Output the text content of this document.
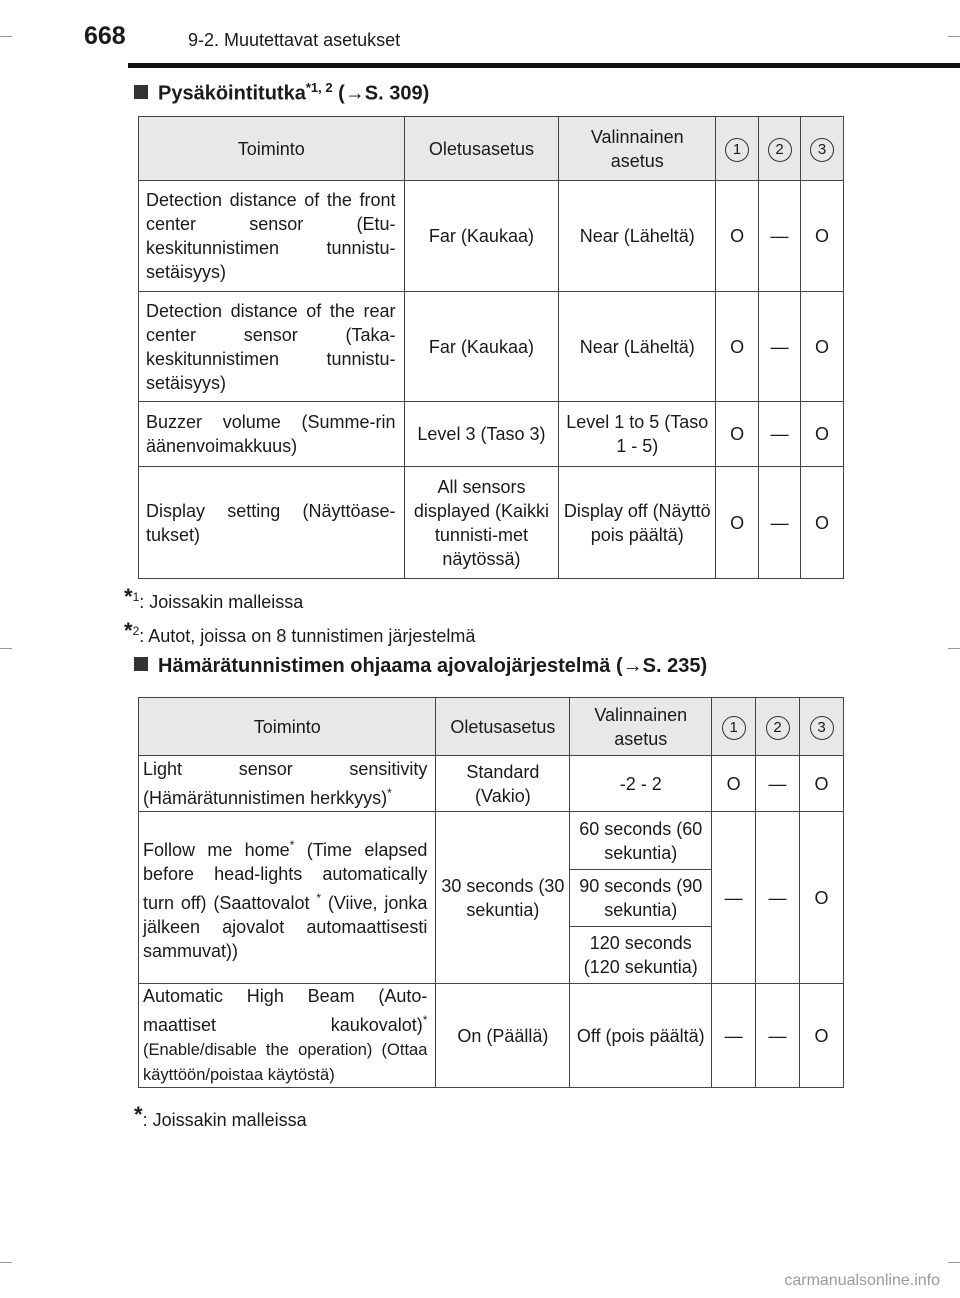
668	9-2. Muutettavat asetukset
Pysäköintitutka$^{*1, 2}$ (→S. 309)
Toiminto	Oletusasetus	Valinnainen asetus	1	2	3
Detection distance of the front center sensor (Etu-keskitunnistimen tunnistu-setäisyys)	Far (Kaukaa)	Near (Läheltä)	O	—	O
Detection distance of the rear center sensor (Taka-keskitunnistimen tunnistu-setäisyys)	Far (Kaukaa)	Near (Läheltä)	O	—	O
Buzzer volume (Summe-rin äänenvoimakkuus)	Level 3 (Taso 3)	Level 1 to 5 (Taso 1 - 5)	O	—	O
Display setting (Näyttöase-tukset)	All sensors displayed (Kaikki tunnisti-met näytössä)	Display off (Näyttö pois päältä)	O	—	O
*$^1$: Joissakin malleissa
*$^2$: Autot, joissa on 8 tunnistimen järjestelmä
Hämärätunnistimen ohjaama ajovalojärjestelmä (→S. 235)
Toiminto	Oletusasetus	Valinnainen asetus	1	2	3
Light sensor sensitivity (Hämärätunnistimen herkkyys)*	Standard (Vakio)	-2 - 2	O	—	O
Follow me home* (Time elapsed before head-lights automatically turn off) (Saattovalot * (Viive, jonka jälkeen ajovalot automaattisesti sammuvat))	30 seconds (30 sekuntia)	60 seconds (60 sekuntia)	—	—	O
		90 seconds (90 sekuntia)			
		120 seconds (120 sekuntia)			
Automatic High Beam (Auto-maattiset kaukovalot)* (Enable/disable the operation) (Ottaa käyttöön/poistaa käytöstä)	On (Päällä)	Off (pois päältä)	—	—	O
*: Joissakin malleissa
carmanualsonline.info
